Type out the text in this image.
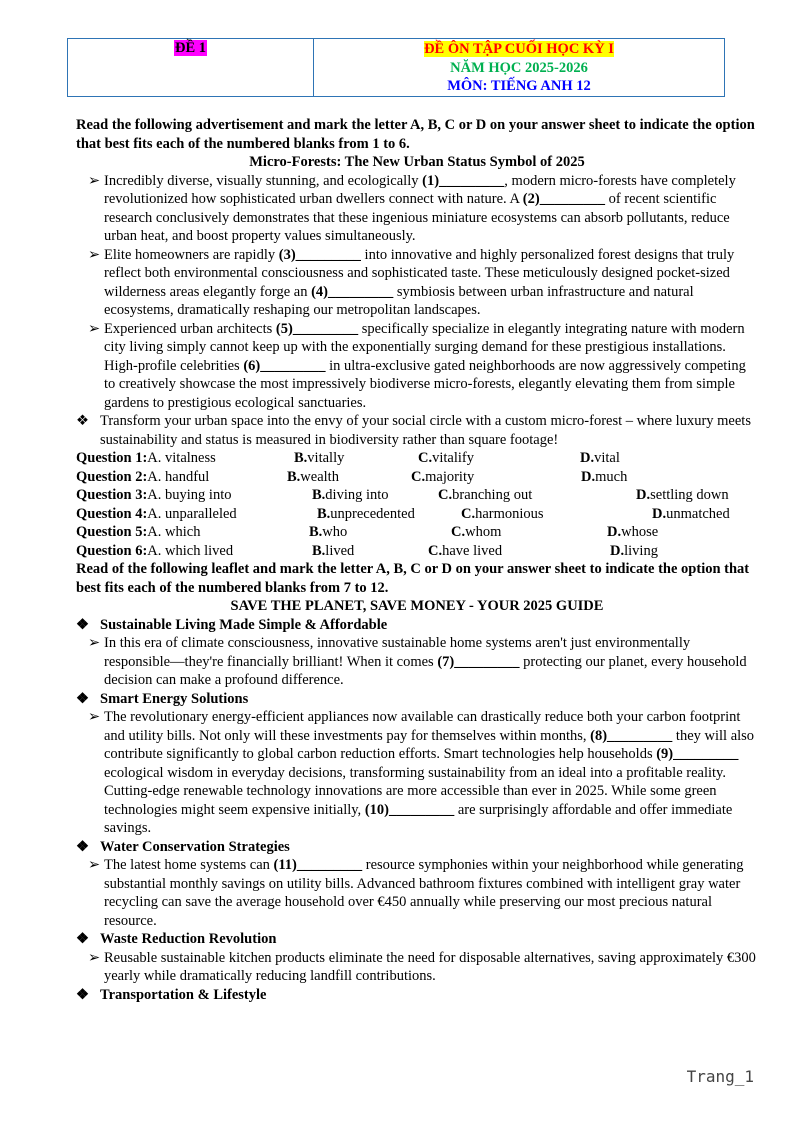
ĐỀ 1	ĐỀ ÔN TẬP CUỐI HỌC KỲ I
NĂM HỌC 2025-2026
MÔN: TIẾNG ANH 12

Read the following advertisement and mark the letter A, B, C or D on your answer sheet to indicate the option that best fits each of the numbered blanks from 1 to 6.

Micro-Forests: The New Urban Status Symbol of 2025

➢ Incredibly diverse, visually stunning, and ecologically (1)_________, modern micro-forests have completely revolutionized how sophisticated urban dwellers connect with nature. A (2)_________ of recent scientific research conclusively demonstrates that these ingenious miniature ecosystems can absorb pollutants, reduce urban heat, and boost property values simultaneously.

➢ Elite homeowners are rapidly (3)_________ into innovative and highly personalized forest designs that truly reflect both environmental consciousness and sophisticated taste. These meticulously designed pocket-sized wilderness areas elegantly forge an (4)_________ symbiosis between urban infrastructure and natural ecosystems, dramatically reshaping our metropolitan landscapes.

➢ Experienced urban architects (5)_________ specifically specialize in elegantly integrating nature with modern city living simply cannot keep up with the exponentially surging demand for these prestigious installations. High-profile celebrities (6)_________ in ultra-exclusive gated neighborhoods are now aggressively competing to creatively showcase the most impressively biodiverse micro-forests, elegantly elevating them from simple gardens to prestigious ecological sanctuaries.

❖ Transform your urban space into the envy of your social circle with a custom micro-forest – where luxury meets sustainability and status is measured in biodiversity rather than square footage!

Question 1:A. vitalness	B.vitally	C.vitalify	D.vital
Question 2:A. handful	B.wealth	C.majority	D.much
Question 3:A. buying into	B.diving into	C.branching out	D.settling down
Question 4:A. unparalleled	B.unprecedented	C.harmonious	D.unmatched
Question 5:A. which	B.who	C.whom	D.whose
Question 6:A. which lived	B.lived	C.have lived	D.living

Read of the following leaflet and mark the letter A, B, C or D on your answer sheet to indicate the option that best fits each of the numbered blanks from 7 to 12.

SAVE THE PLANET, SAVE MONEY - YOUR 2025 GUIDE

❖ Sustainable Living Made Simple & Affordable

➢ In this era of climate consciousness, innovative sustainable home systems aren't just environmentally responsible—they're financially brilliant! When it comes (7)_________ protecting our planet, every household decision can make a profound difference.

❖ Smart Energy Solutions

➢ The revolutionary energy-efficient appliances now available can drastically reduce both your carbon footprint and utility bills. Not only will these investments pay for themselves within months, (8)_________ they will also contribute significantly to global carbon reduction efforts. Smart technologies help households (9)_________ ecological wisdom in everyday decisions, transforming sustainability from an ideal into a profitable reality. Cutting-edge renewable technology innovations are more accessible than ever in 2025. While some green technologies might seem expensive initially, (10)_________ are surprisingly affordable and offer immediate savings.

❖ Water Conservation Strategies

➢ The latest home systems can (11)_________ resource symphonies within your neighborhood while generating substantial monthly savings on utility bills. Advanced bathroom fixtures combined with intelligent gray water recycling can save the average household over €450 annually while preserving our most precious natural resource.

❖ Waste Reduction Revolution

➢ Reusable sustainable kitchen products eliminate the need for disposable alternatives, saving approximately €300 yearly while dramatically reducing landfill contributions.

❖ Transportation & Lifestyle

Trang_1
